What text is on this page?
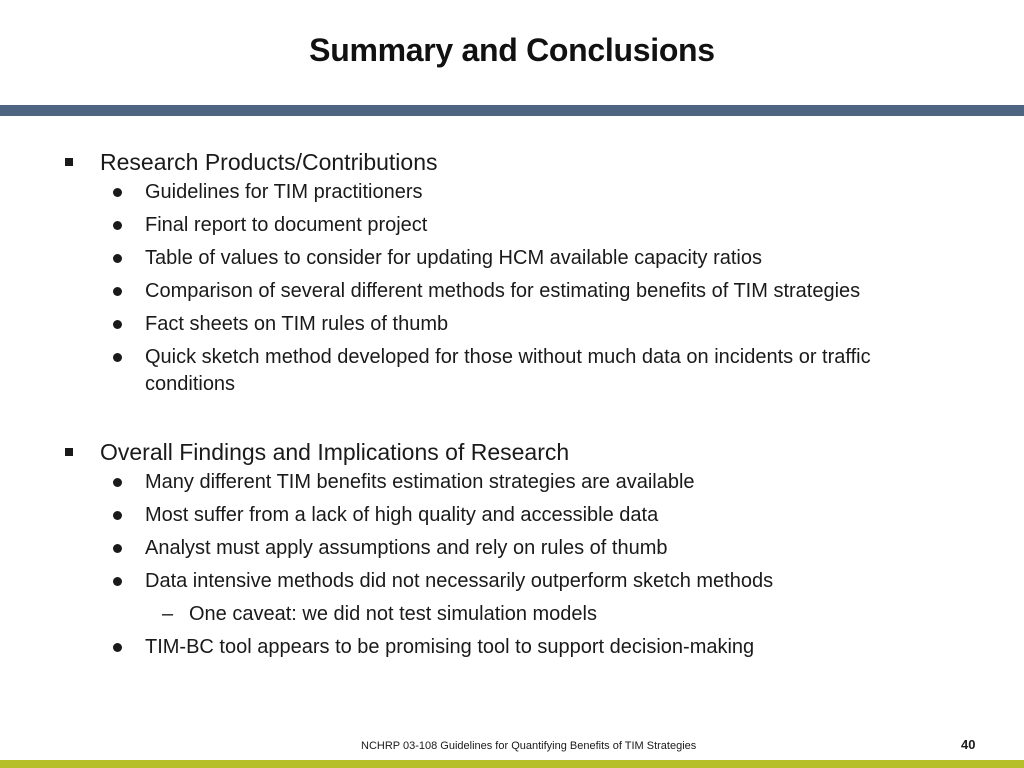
Summary and Conclusions
Research Products/Contributions
Guidelines for TIM practitioners
Final report to document project
Table of values to consider for updating HCM available capacity ratios
Comparison of several different methods for estimating benefits of TIM strategies
Fact sheets on TIM rules of thumb
Quick sketch method developed for those without much data on incidents or traffic conditions
Overall Findings and Implications of Research
Many different TIM benefits estimation strategies are available
Most suffer from a lack of high quality and accessible data
Analyst must apply assumptions and rely on rules of thumb
Data intensive methods did not necessarily outperform sketch methods
– One caveat: we did not test simulation models
TIM-BC tool appears to be promising tool to support decision-making
NCHRP 03-108 Guidelines for Quantifying Benefits of TIM Strategies	40
